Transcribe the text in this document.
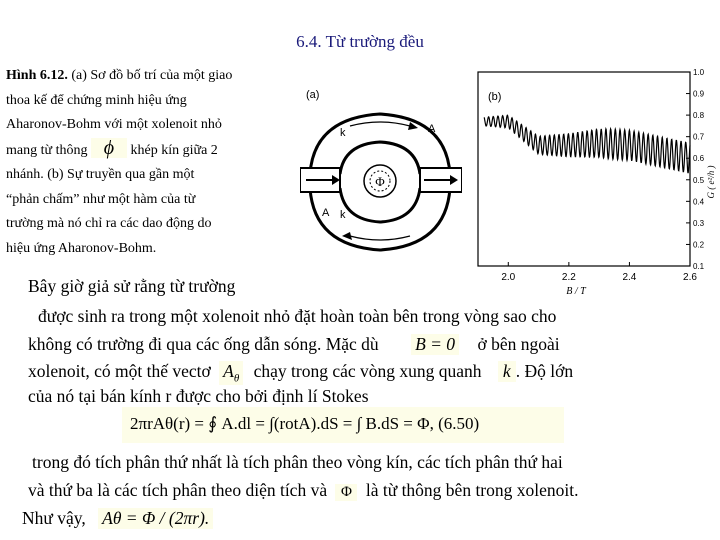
6.4. Từ trường đều

Hình 6.12. (a) Sơ đồ bố trí của một giao

thoa kế để chứng minh hiệu ứng

Aharonov-Bohm với một xolenoit nhỏ

mang từ thông ϕ khép kín giữa 2

nhánh. (b) Sự truyền qua gần một

“phản chấm” như một hàm của từ

trường mà nó chỉ ra các dao động do

hiệu ứng Aharonov-Bohm.

(a)
Φ
k	A
A k
(b)
1.0
0.9
0.8
0.7
0.6
0.5
0.4
0.3
0.2
0.1
2.0	2.2	2.4	2.6
G ( e²/h )
B / T
Bây giờ giả sử rằng từ trường
được sinh ra trong một xolenoit nhỏ đặt hoàn toàn bên trong vòng sao cho
không có trường đi qua các ống dẫn sóng. Mặc dù B = 0 ở bên ngoài
xolenoit, có một thế vectơ $A_\theta$ chạy trong các vòng xung quanh k . Độ lớn
của nó tại bán kính r được cho bởi định lí Stokes
2πrAθ(r) = ∮ A.dl = ∫(rotA).dS = ∫ B.dS = Φ, (6.50)
trong đó tích phân thứ nhất là tích phân theo vòng kín, các tích phân thứ hai
và thứ ba là các tích phân theo diện tích và Φ là từ thông bên trong xolenoit.
Như vậy, Aθ = Φ / (2πr).
